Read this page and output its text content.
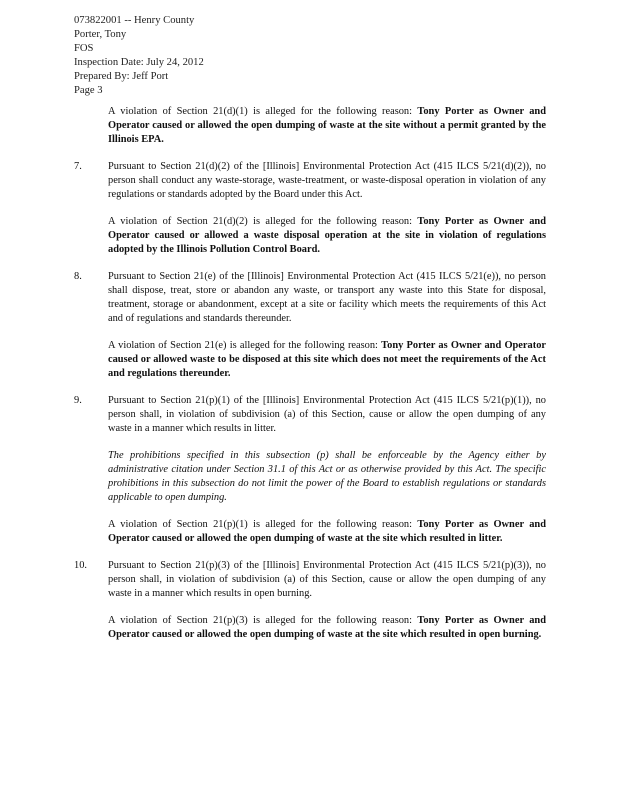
073822001 -- Henry County
Porter, Tony
FOS
Inspection Date: July 24, 2012
Prepared By: Jeff Port
Page 3
A violation of Section 21(d)(1) is alleged for the following reason: Tony Porter as Owner and Operator caused or allowed the open dumping of waste at the site without a permit granted by the Illinois EPA.
7.	Pursuant to Section 21(d)(2) of the [Illinois] Environmental Protection Act (415 ILCS 5/21(d)(2)), no person shall conduct any waste-storage, waste-treatment, or waste-disposal operation in violation of any regulations or standards adopted by the Board under this Act.
A violation of Section 21(d)(2) is alleged for the following reason: Tony Porter as Owner and Operator caused or allowed a waste disposal operation at the site in violation of regulations adopted by the Illinois Pollution Control Board.
8.	Pursuant to Section 21(e) of the [Illinois] Environmental Protection Act (415 ILCS 5/21(e)), no person shall dispose, treat, store or abandon any waste, or transport any waste into this State for disposal, treatment, storage or abandonment, except at a site or facility which meets the requirements of this Act and of regulations and standards thereunder.
A violation of Section 21(e) is alleged for the following reason: Tony Porter as Owner and Operator caused or allowed waste to be disposed at this site which does not meet the requirements of the Act and regulations thereunder.
9.	Pursuant to Section 21(p)(1) of the [Illinois] Environmental Protection Act (415 ILCS 5/21(p)(1)), no person shall, in violation of subdivision (a) of this Section, cause or allow the open dumping of any waste in a manner which results in litter.
The prohibitions specified in this subsection (p) shall be enforceable by the Agency either by administrative citation under Section 31.1 of this Act or as otherwise provided by this Act. The specific prohibitions in this subsection do not limit the power of the Board to establish regulations or standards applicable to open dumping.
A violation of Section 21(p)(1) is alleged for the following reason: Tony Porter as Owner and Operator caused or allowed the open dumping of waste at the site which resulted in litter.
10. Pursuant to Section 21(p)(3) of the [Illinois] Environmental Protection Act (415 ILCS 5/21(p)(3)), no person shall, in violation of subdivision (a) of this Section, cause or allow the open dumping of any waste in a manner which results in open burning.
A violation of Section 21(p)(3) is alleged for the following reason: Tony Porter as Owner and Operator caused or allowed the open dumping of waste at the site which resulted in open burning.
